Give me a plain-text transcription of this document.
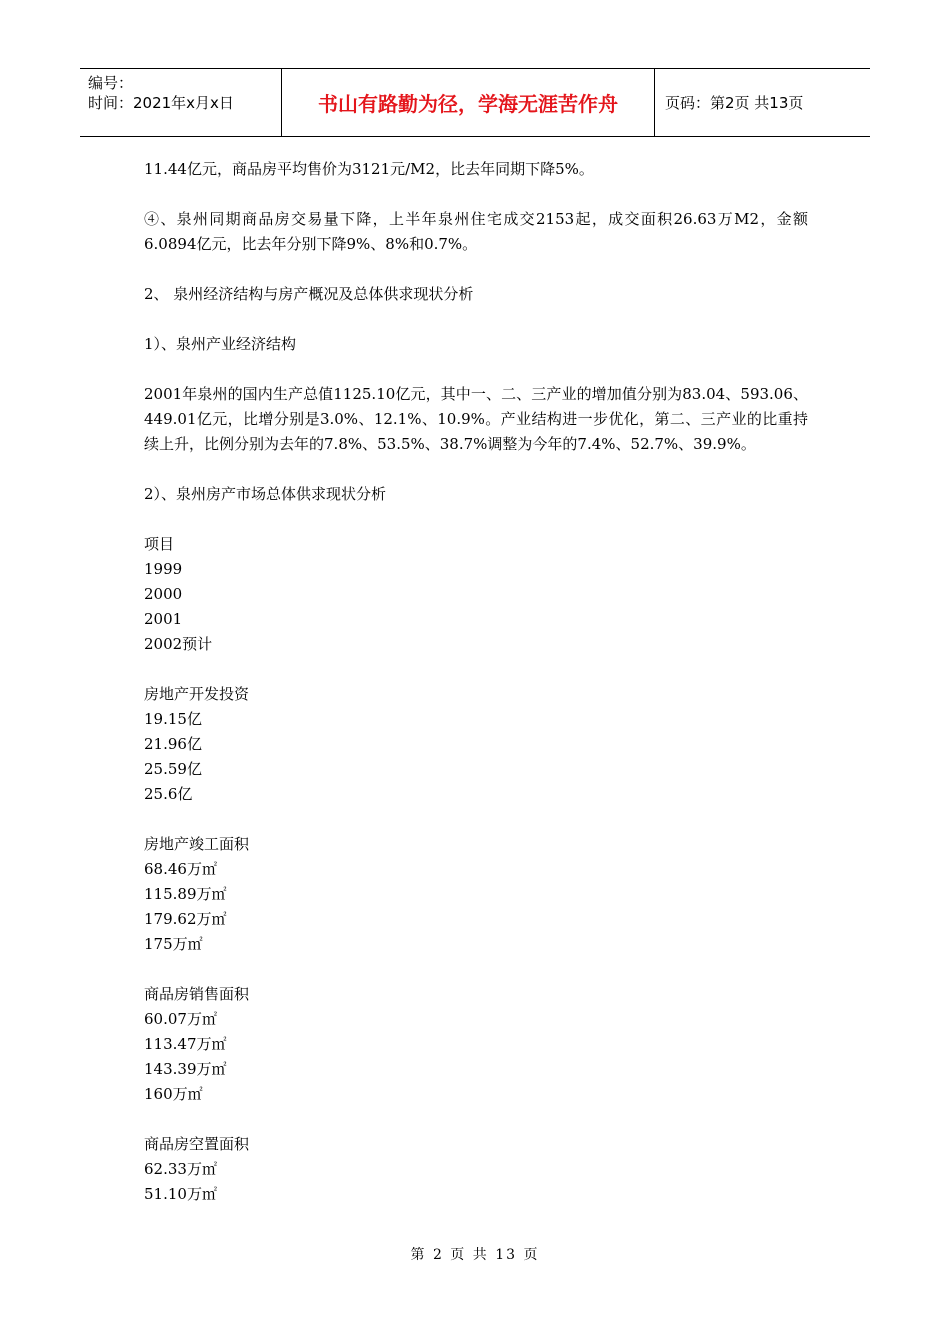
编号：
时间：2021年x月x日	书山有路勤为径，学海无涯苦作舟	页码：第2页 共13页

11.44亿元，商品房平均售价为3121元/M2，比去年同期下降5%。

④、泉州同期商品房交易量下降，上半年泉州住宅成交2153起，成交面积26.63万M2，金额6.0894亿元，比去年分别下降9%、8%和0.7%。

2、 泉州经济结构与房产概况及总体供求现状分析

1）、泉州产业经济结构

2001年泉州的国内生产总值1125.10亿元，其中一、二、三产业的增加值分别为83.04、593.06、449.01亿元，比增分别是3.0%、12.1%、10.9%。产业结构进一步优化，第二、三产业的比重持续上升，比例分别为去年的7.8%、53.5%、38.7%调整为今年的7.4%、52.7%、39.9%。

2）、泉州房产市场总体供求现状分析

项目
1999
2000
2001
2002预计

房地产开发投资
19.15亿
21.96亿
25.59亿
25.6亿

房地产竣工面积
68.46万㎡
115.89万㎡
179.62万㎡
175万㎡

商品房销售面积
60.07万㎡
113.47万㎡
143.39万㎡
160万㎡

商品房空置面积
62.33万㎡
51.10万㎡

第 2 页 共 13 页
